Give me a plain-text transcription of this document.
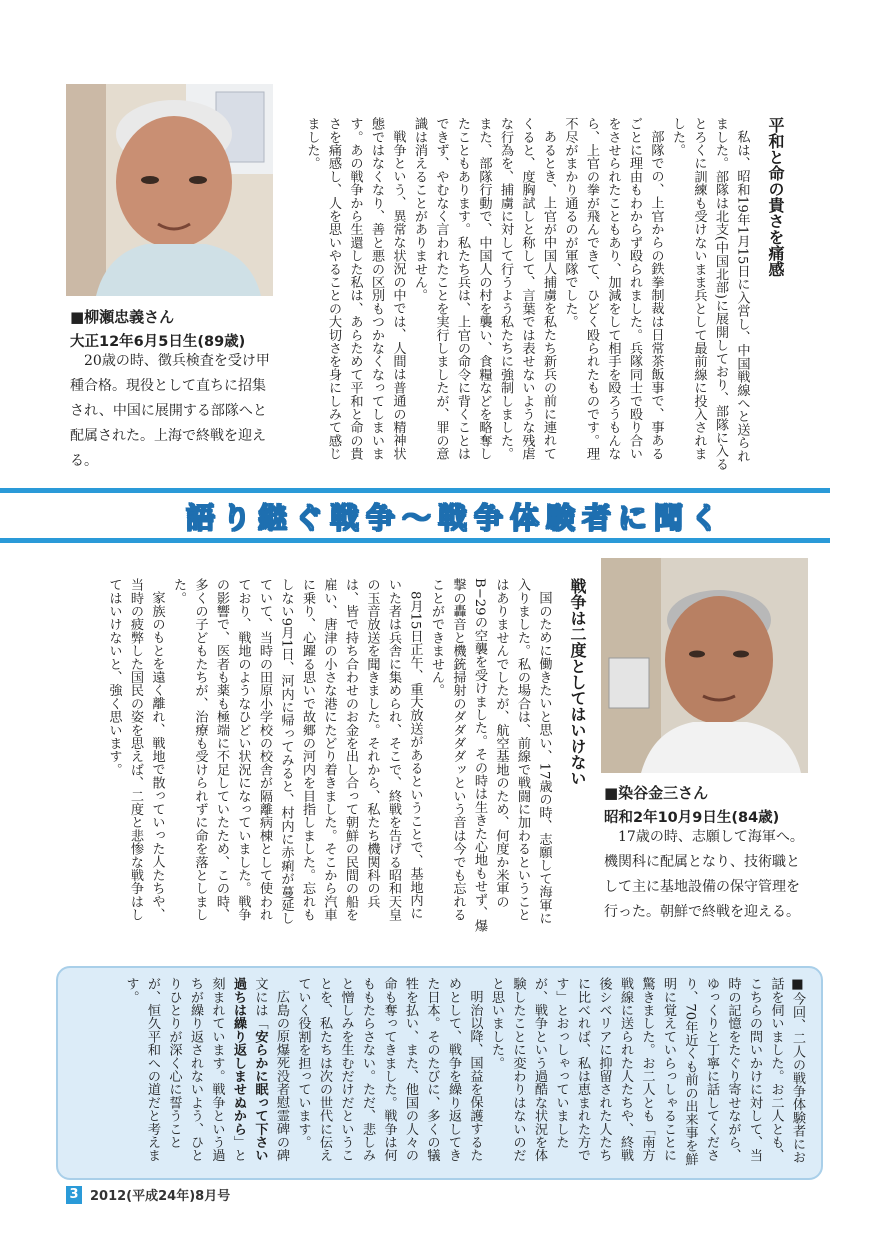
■柳瀬忠義さん
大正12年6月5日生(89歳)

20歳の時、徴兵検査を受け甲種合格。現役として直ちに招集され、中国に展開する部隊へと配属された。上海で終戦を迎える。

平和と命の貴さを痛感

私は、昭和19年1月15日に入営し、中国戦線へと送られました。部隊は北支(中国北部)に展開しており、部隊に入るとろくに訓練も受けないまま兵として最前線に投入されました。

部隊での、上官からの鉄拳制裁は日常茶飯事で、事あるごとに理由もわからず殴られました。兵隊同士で殴り合いをさせられたこともあり、加減をして相手を殴ろうもんなら、上官の拳が飛んできて、ひどく殴られたものです。理不尽がまかり通るのが軍隊でした。

あるとき、上官が中国人捕虜を私たち新兵の前に連れてくると、度胸試しと称して、言葉では表せないような残虐な行為を、捕虜に対して行うよう私たちに強制しました。また、部隊行動で、中国人の村を襲い、食糧などを略奪したこともあります。私たち兵は、上官の命令に背くことはできず、やむなく言われたことを実行しましたが、罪の意識は消えることがありません。

戦争という、異常な状況の中では、人間は普通の精神状態ではなくなり、善と悪の区別もつかなくなってしまいます。あの戦争から生還した私は、あらためて平和と命の貴さを痛感し、人を思いやることの大切さを身にしみて感じました。

語り継ぐ戦争〜戦争体験者に聞く

戦争は二度としてはいけない

国のために働きたいと思い、17歳の時、志願して海軍に入りました。私の場合は、前線で戦闘に加わるということはありませんでしたが、航空基地のため、何度か米軍のB−29の空襲を受けました。その時は生きた心地もせず、爆撃の轟音と機銃掃射のダダダダッという音は今でも忘れることができません。

8月15日正午、重大放送があるということで、基地内にいた者は兵舎に集められ、そこで、終戦を告げる昭和天皇の玉音放送を聞きました。それから、私たち機関科の兵は、皆で持ち合わせのお金を出し合って朝鮮の民間の船を雇い、唐津の小さな港にたどり着きました。そこから汽車に乗り、心躍る思いで故郷の河内を目指しました。忘れもしない9月1日、河内に帰ってみると、村内に赤痢が蔓延していて、当時の田原小学校の校舎が隔離病棟として使われており、戦地のようなひどい状況になっていました。戦争の影響で、医者も薬も極端に不足していたため、この時、多くの子どもたちが、治療も受けられずに命を落としました。

家族のもとを遠く離れ、戦地で散っていった人たちや、当時の疲弊した国民の姿を思えば、二度と悲惨な戦争はしてはいけないと、強く思います。

■染谷金三さん
昭和2年10月9日生(84歳)

17歳の時、志願して海軍へ。機関科に配属となり、技術職として主に基地設備の保守管理を行った。朝鮮で終戦を迎える。

■今回、二人の戦争体験者にお話を伺いました。お二人とも、こちらの問いかけに対して、当時の記憶をたぐり寄せながら、ゆっくりと丁寧に話してくださり、70年近くも前の出来事を鮮明に覚えていらっしゃることに驚きました。お二人とも「南方戦線に送られた人たちや、終戦後シベリアに抑留された人たちに比べれば、私は恵まれた方です」とおっしゃっていましたが、戦争という過酷な状況を体験したことに変わりはないのだと思いました。

明治以降、国益を保護するためとして、戦争を繰り返してきた日本。そのたびに、多くの犠牲を払い、また、他国の人々の命も奪ってきました。戦争は何ももたらさない。ただ、悲しみと憎しみを生むだけだということを、私たちは次の世代に伝えていく役割を担っています。

広島の原爆死没者慰霊碑の碑文には「安らかに眠って下さい　過ちは繰り返しませぬから」と刻まれています。戦争という過ちが繰り返されないよう、ひとりひとりが深く心に誓うことが、恒久平和への道だと考えます。

3 2012(平成24年)8月号
